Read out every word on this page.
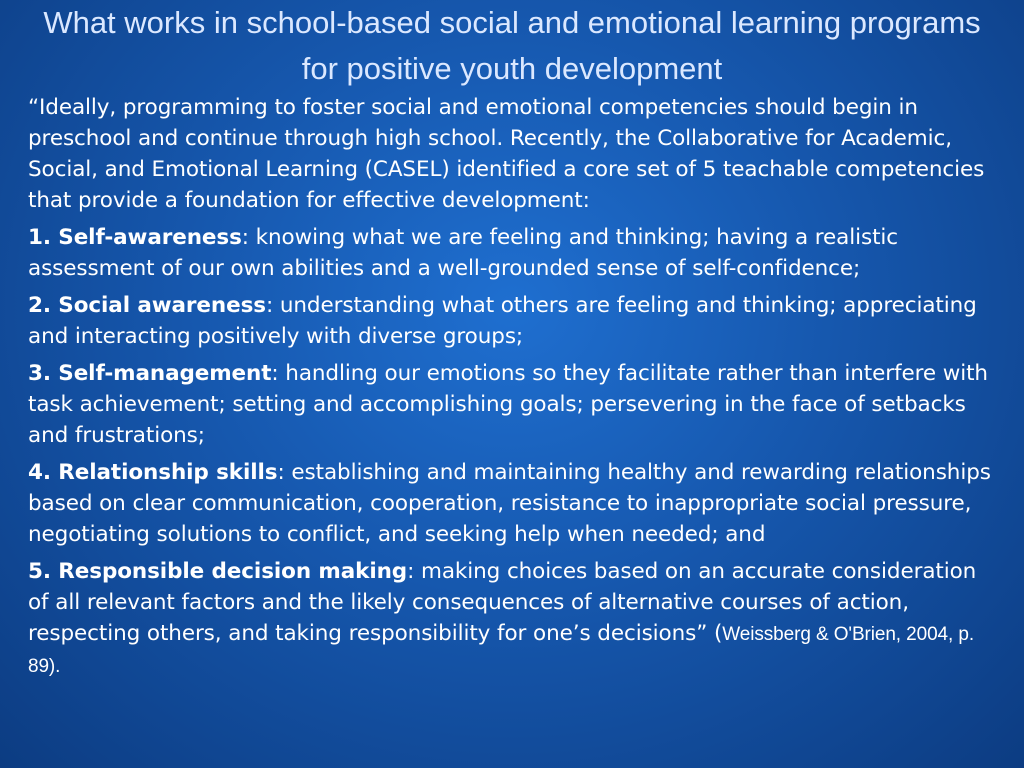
What works in school-based social and emotional learning programs for positive youth development

“Ideally, programming to foster social and emotional competencies should begin in preschool and continue through high school. Recently, the Collaborative for Academic, Social, and Emotional Learning (CASEL) identified a core set of 5 teachable competencies that provide a foundation for effective development:

1. Self-awareness: knowing what we are feeling and thinking; having a realistic assessment of our own abilities and a well-grounded sense of self-confidence;

2. Social awareness: understanding what others are feeling and thinking; appreciating and interacting positively with diverse groups;

3. Self-management: handling our emotions so they facilitate rather than interfere with task achievement; setting and accomplishing goals; persevering in the face of setbacks and frustrations;

4. Relationship skills: establishing and maintaining healthy and rewarding relationships based on clear communication, cooperation, resistance to inappropriate social pressure, negotiating solutions to conflict, and seeking help when needed; and

5. Responsible decision making: making choices based on an accurate consideration of all relevant factors and the likely consequences of alternative courses of action, respecting others, and taking responsibility for one’s decisions” (Weissberg & O'Brien, 2004, p. 89).
